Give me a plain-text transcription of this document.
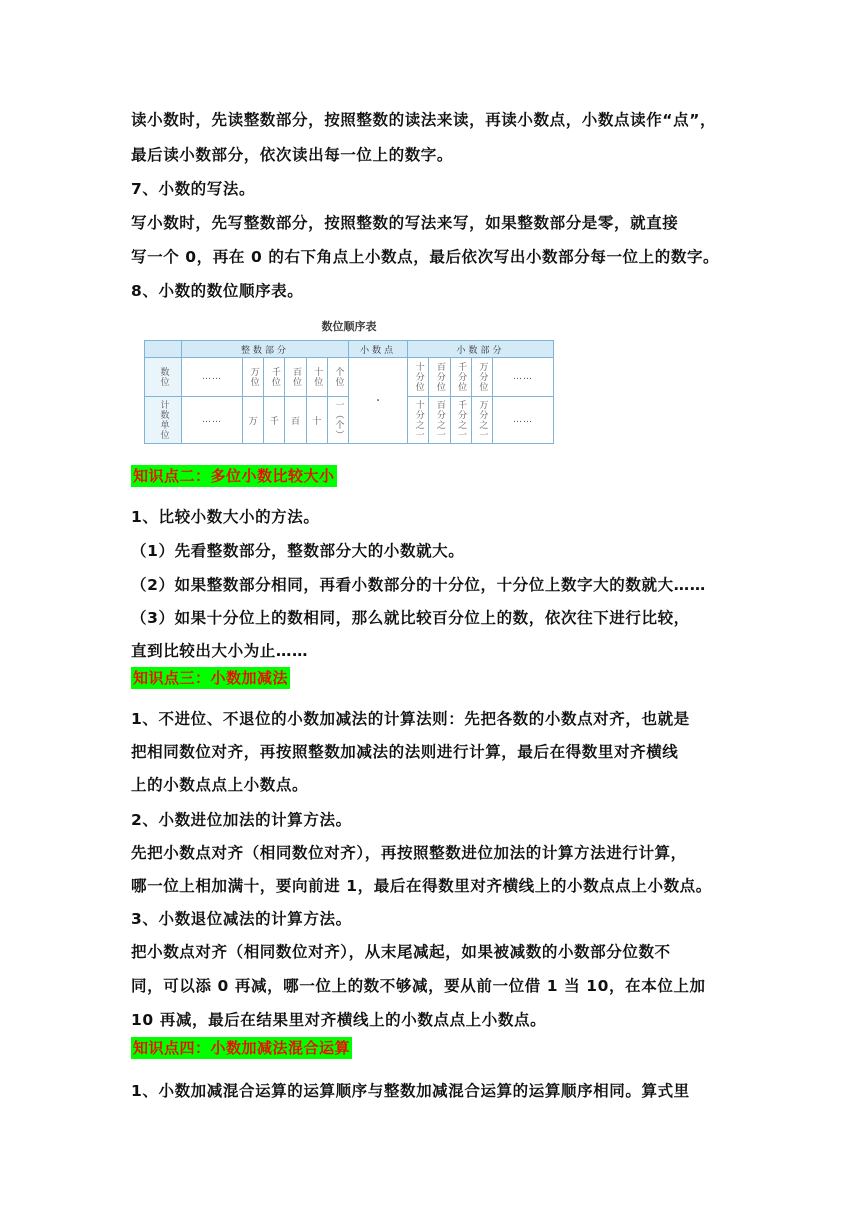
读小数时，先读整数部分，按照整数的读法来读，再读小数点，小数点读作“点”，
最后读小数部分，依次读出每一位上的数字。
7、小数的写法。
写小数时，先写整数部分，按照整数的写法来写，如果整数部分是零，就直接
写一个 0，再在 0 的右下角点上小数点，最后依次写出小数部分每一位上的数字。
8、小数的数位顺序表。
数位顺序表
	整数部分						小数点	小数部分				

数位	……	万位	千位	百位	十位	个位	·	十分位	百分位	千分位	万分位	……

计数单位	……	万	千	百	十	一（个）		十分之一	百分之一	千分之一	万分之一	……
知识点二：多位小数比较大小
1、比较小数大小的方法。
（1）先看整数部分，整数部分大的小数就大。
（2）如果整数部分相同，再看小数部分的十分位，十分位上数字大的数就大……
（3）如果十分位上的数相同，那么就比较百分位上的数，依次往下进行比较，
直到比较出大小为止……
知识点三：小数加减法
1、不进位、不退位的小数加减法的计算法则：先把各数的小数点对齐，也就是
把相同数位对齐，再按照整数加减法的法则进行计算，最后在得数里对齐横线
上的小数点点上小数点。
2、小数进位加法的计算方法。
先把小数点对齐（相同数位对齐），再按照整数进位加法的计算方法进行计算，
哪一位上相加满十，要向前进 1，最后在得数里对齐横线上的小数点点上小数点。
3、小数退位减法的计算方法。
把小数点对齐（相同数位对齐），从末尾减起，如果被减数的小数部分位数不
同，可以添 0 再减，哪一位上的数不够减，要从前一位借 1 当 10，在本位上加
10 再减，最后在结果里对齐横线上的小数点点上小数点。
知识点四：小数加减法混合运算
1、小数加减混合运算的运算顺序与整数加减混合运算的运算顺序相同。算式里
